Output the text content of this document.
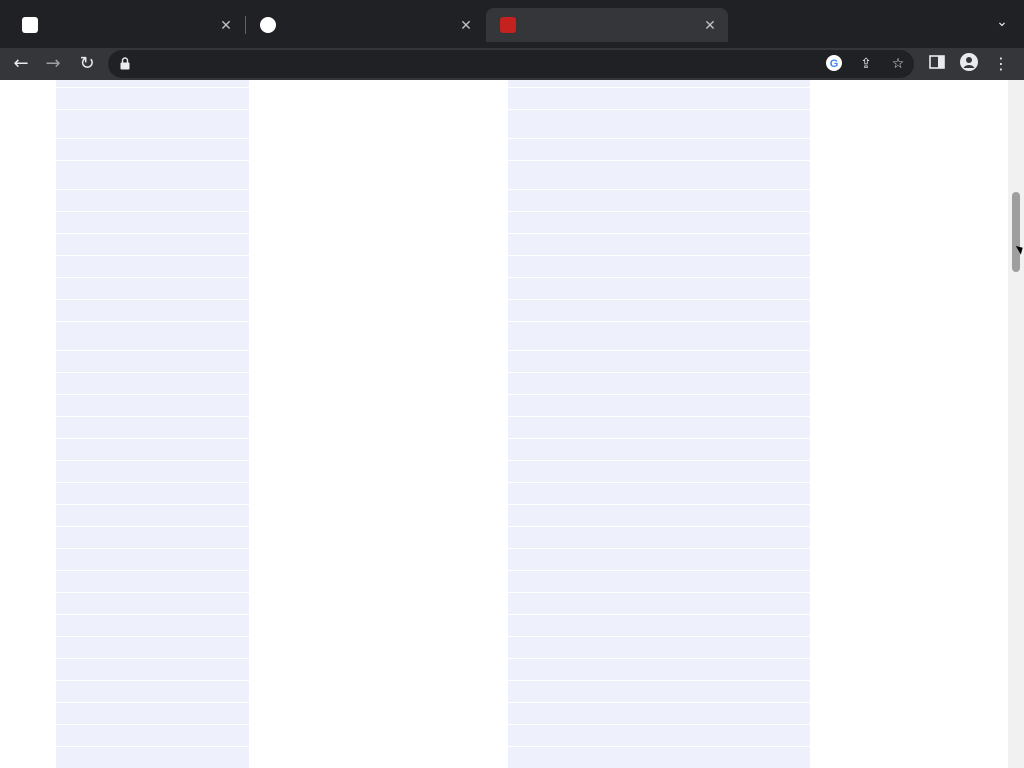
✕	✕	✕	⌄
← → ↻	G ⇪ ☆	⋮
